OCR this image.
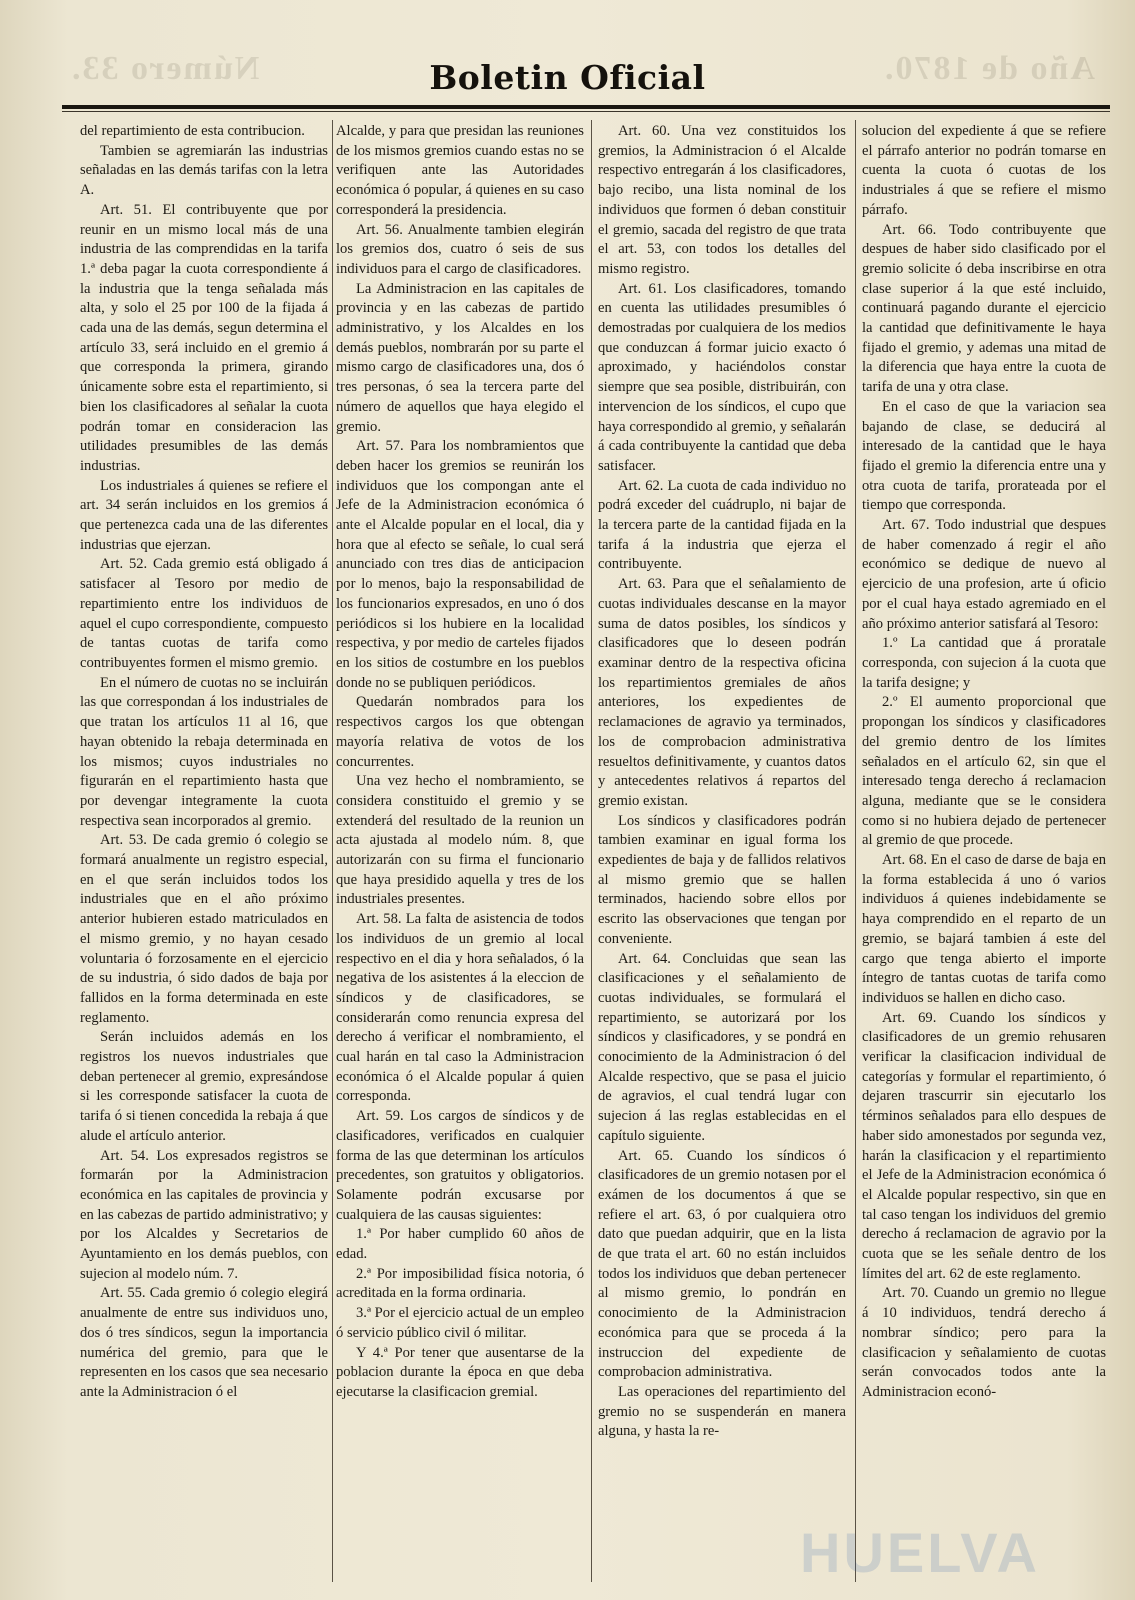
Número 33.	Año de 1870.
Boletin Oficial

del repartimiento de esta contribucion.

Tambien se agremiarán las industrias señaladas en las demás tarifas con la letra A.

Art. 51. El contribuyente que por reunir en un mismo local más de una industria de las comprendidas en la tarifa 1.ª deba pagar la cuota correspondiente á la industria que la tenga señalada más alta, y solo el 25 por 100 de la fijada á cada una de las demás, segun determina el artículo 33, será incluido en el gremio á que corresponda la primera, girando únicamente sobre esta el repartimiento, si bien los clasificadores al señalar la cuota podrán tomar en consideracion las utilidades presumibles de las demás industrias.

Los industriales á quienes se refiere el art. 34 serán incluidos en los gremios á que pertenezca cada una de las diferentes industrias que ejerzan.

Art. 52. Cada gremio está obligado á satisfacer al Tesoro por medio de repartimiento entre los individuos de aquel el cupo correspondiente, compuesto de tantas cuotas de tarifa como contribuyentes formen el mismo gremio.

En el número de cuotas no se incluirán las que correspondan á los industriales de que tratan los artículos 11 al 16, que hayan obtenido la rebaja determinada en los mismos; cuyos industriales no figurarán en el repartimiento hasta que por devengar integramente la cuota respectiva sean incorporados al gremio.

Art. 53. De cada gremio ó colegio se formará anualmente un registro especial, en el que serán incluidos todos los industriales que en el año próximo anterior hubieren estado matriculados en el mismo gremio, y no hayan cesado voluntaria ó forzosamente en el ejercicio de su industria, ó sido dados de baja por fallidos en la forma determinada en este reglamento.

Serán incluidos además en los registros los nuevos industriales que deban pertenecer al gremio, expresándose si les corresponde satisfacer la cuota de tarifa ó si tienen concedida la rebaja á que alude el artículo anterior.

Art. 54. Los expresados registros se formarán por la Administracion económica en las capitales de provincia y en las cabezas de partido administrativo; y por los Alcaldes y Secretarios de Ayuntamiento en los demás pueblos, con sujecion al modelo núm. 7.

Art. 55. Cada gremio ó colegio elegirá anualmente de entre sus individuos uno, dos ó tres síndicos, segun la importancia numérica del gremio, para que le representen en los casos que sea necesario ante la Administracion ó el

Alcalde, y para que presidan las reuniones de los mismos gremios cuando estas no se verifiquen ante las Autoridades económica ó popular, á quienes en su caso corresponderá la presidencia.

Art. 56. Anualmente tambien elegirán los gremios dos, cuatro ó seis de sus individuos para el cargo de clasificadores.

La Administracion en las capitales de provincia y en las cabezas de partido administrativo, y los Alcaldes en los demás pueblos, nombrarán por su parte el mismo cargo de clasificadores una, dos ó tres personas, ó sea la tercera parte del número de aquellos que haya elegido el gremio.

Art. 57. Para los nombramientos que deben hacer los gremios se reunirán los individuos que los compongan ante el Jefe de la Administracion económica ó ante el Alcalde popular en el local, dia y hora que al efecto se señale, lo cual será anunciado con tres dias de anticipacion por lo menos, bajo la responsabilidad de los funcionarios expresados, en uno ó dos periódicos si los hubiere en la localidad respectiva, y por medio de carteles fijados en los sitios de costumbre en los pueblos donde no se publiquen periódicos.

Quedarán nombrados para los respectivos cargos los que obtengan mayoría relativa de votos de los concurrentes.

Una vez hecho el nombramiento, se considera constituido el gremio y se extenderá del resultado de la reunion un acta ajustada al modelo núm. 8, que autorizarán con su firma el funcionario que haya presidido aquella y tres de los industriales presentes.

Art. 58. La falta de asistencia de todos los individuos de un gremio al local respectivo en el dia y hora señalados, ó la negativa de los asistentes á la eleccion de síndicos y de clasificadores, se considerarán como renuncia expresa del derecho á verificar el nombramiento, el cual harán en tal caso la Administracion económica ó el Alcalde popular á quien corresponda.

Art. 59. Los cargos de síndicos y de clasificadores, verificados en cualquier forma de las que determinan los artículos precedentes, son gratuitos y obligatorios. Solamente podrán excusarse por cualquiera de las causas siguientes:

1.ª Por haber cumplido 60 años de edad.

2.ª Por imposibilidad física notoria, ó acreditada en la forma ordinaria.

3.ª Por el ejercicio actual de un empleo ó servicio público civil ó militar.

Y 4.ª Por tener que ausentarse de la poblacion durante la época en que deba ejecutarse la clasificacion gremial.

Art. 60. Una vez constituidos los gremios, la Administracion ó el Alcalde respectivo entregarán á los clasificadores, bajo recibo, una lista nominal de los individuos que formen ó deban constituir el gremio, sacada del registro de que trata el art. 53, con todos los detalles del mismo registro.

Art. 61. Los clasificadores, tomando en cuenta las utilidades presumibles ó demostradas por cualquiera de los medios que conduzcan á formar juicio exacto ó aproximado, y haciéndolos constar siempre que sea posible, distribuirán, con intervencion de los síndicos, el cupo que haya correspondido al gremio, y señalarán á cada contribuyente la cantidad que deba satisfacer.

Art. 62. La cuota de cada individuo no podrá exceder del cuádruplo, ni bajar de la tercera parte de la cantidad fijada en la tarifa á la industria que ejerza el contribuyente.

Art. 63. Para que el señalamiento de cuotas individuales descanse en la mayor suma de datos posibles, los síndicos y clasificadores que lo deseen podrán examinar dentro de la respectiva oficina los repartimientos gremiales de años anteriores, los expedientes de reclamaciones de agravio ya terminados, los de comprobacion administrativa resueltos definitivamente, y cuantos datos y antecedentes relativos á repartos del gremio existan.

Los síndicos y clasificadores podrán tambien examinar en igual forma los expedientes de baja y de fallidos relativos al mismo gremio que se hallen terminados, haciendo sobre ellos por escrito las observaciones que tengan por conveniente.

Art. 64. Concluidas que sean las clasificaciones y el señalamiento de cuotas individuales, se formulará el repartimiento, se autorizará por los síndicos y clasificadores, y se pondrá en conocimiento de la Administracion ó del Alcalde respectivo, que se pasa el juicio de agravios, el cual tendrá lugar con sujecion á las reglas establecidas en el capítulo siguiente.

Art. 65. Cuando los síndicos ó clasificadores de un gremio notasen por el exámen de los documentos á que se refiere el art. 63, ó por cualquiera otro dato que puedan adquirir, que en la lista de que trata el art. 60 no están incluidos todos los individuos que deban pertenecer al mismo gremio, lo pondrán en conocimiento de la Administracion económica para que se proceda á la instruccion del expediente de comprobacion administrativa.

Las operaciones del repartimiento del gremio no se suspenderán en manera alguna, y hasta la re-

solucion del expediente á que se refiere el párrafo anterior no podrán tomarse en cuenta la cuota ó cuotas de los industriales á que se refiere el mismo párrafo.

Art. 66. Todo contribuyente que despues de haber sido clasificado por el gremio solicite ó deba inscribirse en otra clase superior á la que esté incluido, continuará pagando durante el ejercicio la cantidad que definitivamente le haya fijado el gremio, y ademas una mitad de la diferencia que haya entre la cuota de tarifa de una y otra clase.

En el caso de que la variacion sea bajando de clase, se deducirá al interesado de la cantidad que le haya fijado el gremio la diferencia entre una y otra cuota de tarifa, prorateada por el tiempo que corresponda.

Art. 67. Todo industrial que despues de haber comenzado á regir el año económico se dedique de nuevo al ejercicio de una profesion, arte ú oficio por el cual haya estado agremiado en el año próximo anterior satisfará al Tesoro:

1.º La cantidad que á proratale corresponda, con sujecion á la cuota que la tarifa designe; y

2.º El aumento proporcional que propongan los síndicos y clasificadores del gremio dentro de los límites señalados en el artículo 62, sin que el interesado tenga derecho á reclamacion alguna, mediante que se le considera como si no hubiera dejado de pertenecer al gremio de que procede.

Art. 68. En el caso de darse de baja en la forma establecida á uno ó varios individuos á quienes indebidamente se haya comprendido en el reparto de un gremio, se bajará tambien á este del cargo que tenga abierto el importe íntegro de tantas cuotas de tarifa como individuos se hallen en dicho caso.

Art. 69. Cuando los síndicos y clasificadores de un gremio rehusaren verificar la clasificacion individual de categorías y formular el repartimiento, ó dejaren trascurrir sin ejecutarlo los términos señalados para ello despues de haber sido amonestados por segunda vez, harán la clasificacion y el repartimiento el Jefe de la Administracion económica ó el Alcalde popular respectivo, sin que en tal caso tengan los individuos del gremio derecho á reclamacion de agravio por la cuota que se les señale dentro de los límites del art. 62 de este reglamento.

Art. 70. Cuando un gremio no llegue á 10 individuos, tendrá derecho á nombrar síndico; pero para la clasificacion y señalamiento de cuotas serán convocados todos ante la Administracion econó-

HUELVA
